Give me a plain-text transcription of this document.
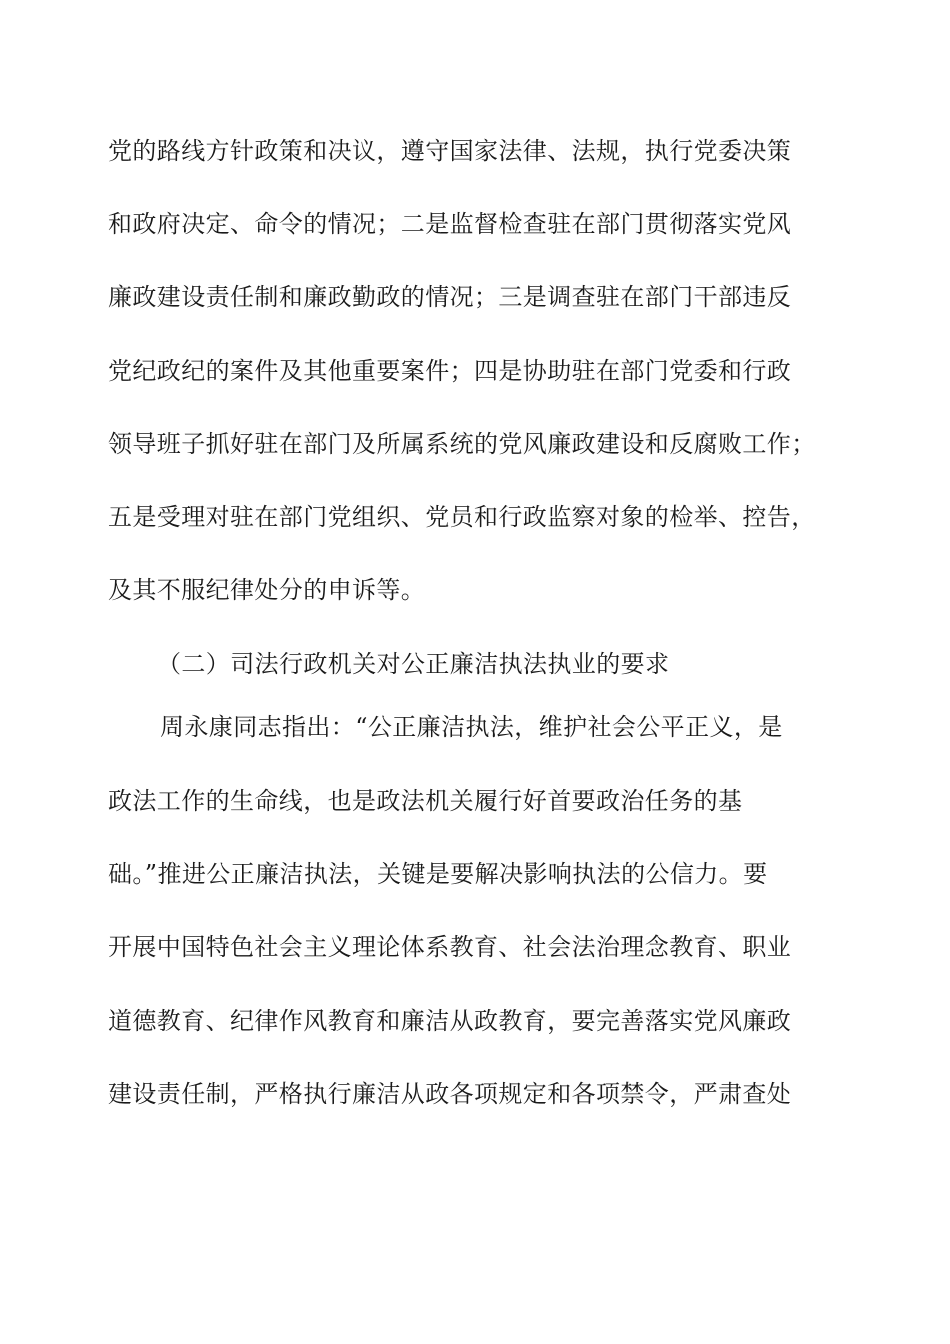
党的路线方针政策和决议，遵守国家法律、法规，执行党委决策
和政府决定、命令的情况；二是监督检查驻在部门贯彻落实党风
廉政建设责任制和廉政勤政的情况；三是调查驻在部门干部违反
党纪政纪的案件及其他重要案件；四是协助驻在部门党委和行政
领导班子抓好驻在部门及所属系统的党风廉政建设和反腐败工作；
五是受理对驻在部门党组织、党员和行政监察对象的检举、控告，
及其不服纪律处分的申诉等。
（二）司法行政机关对公正廉洁执法执业的要求
周永康同志指出：“公正廉洁执法，维护社会公平正义，是
政法工作的生命线，也是政法机关履行好首要政治任务的基
础。”推进公正廉洁执法，关键是要解决影响执法的公信力。要
开展中国特色社会主义理论体系教育、社会法治理念教育、职业
道德教育、纪律作风教育和廉洁从政教育，要完善落实党风廉政
建设责任制，严格执行廉洁从政各项规定和各项禁令，严肃查处
